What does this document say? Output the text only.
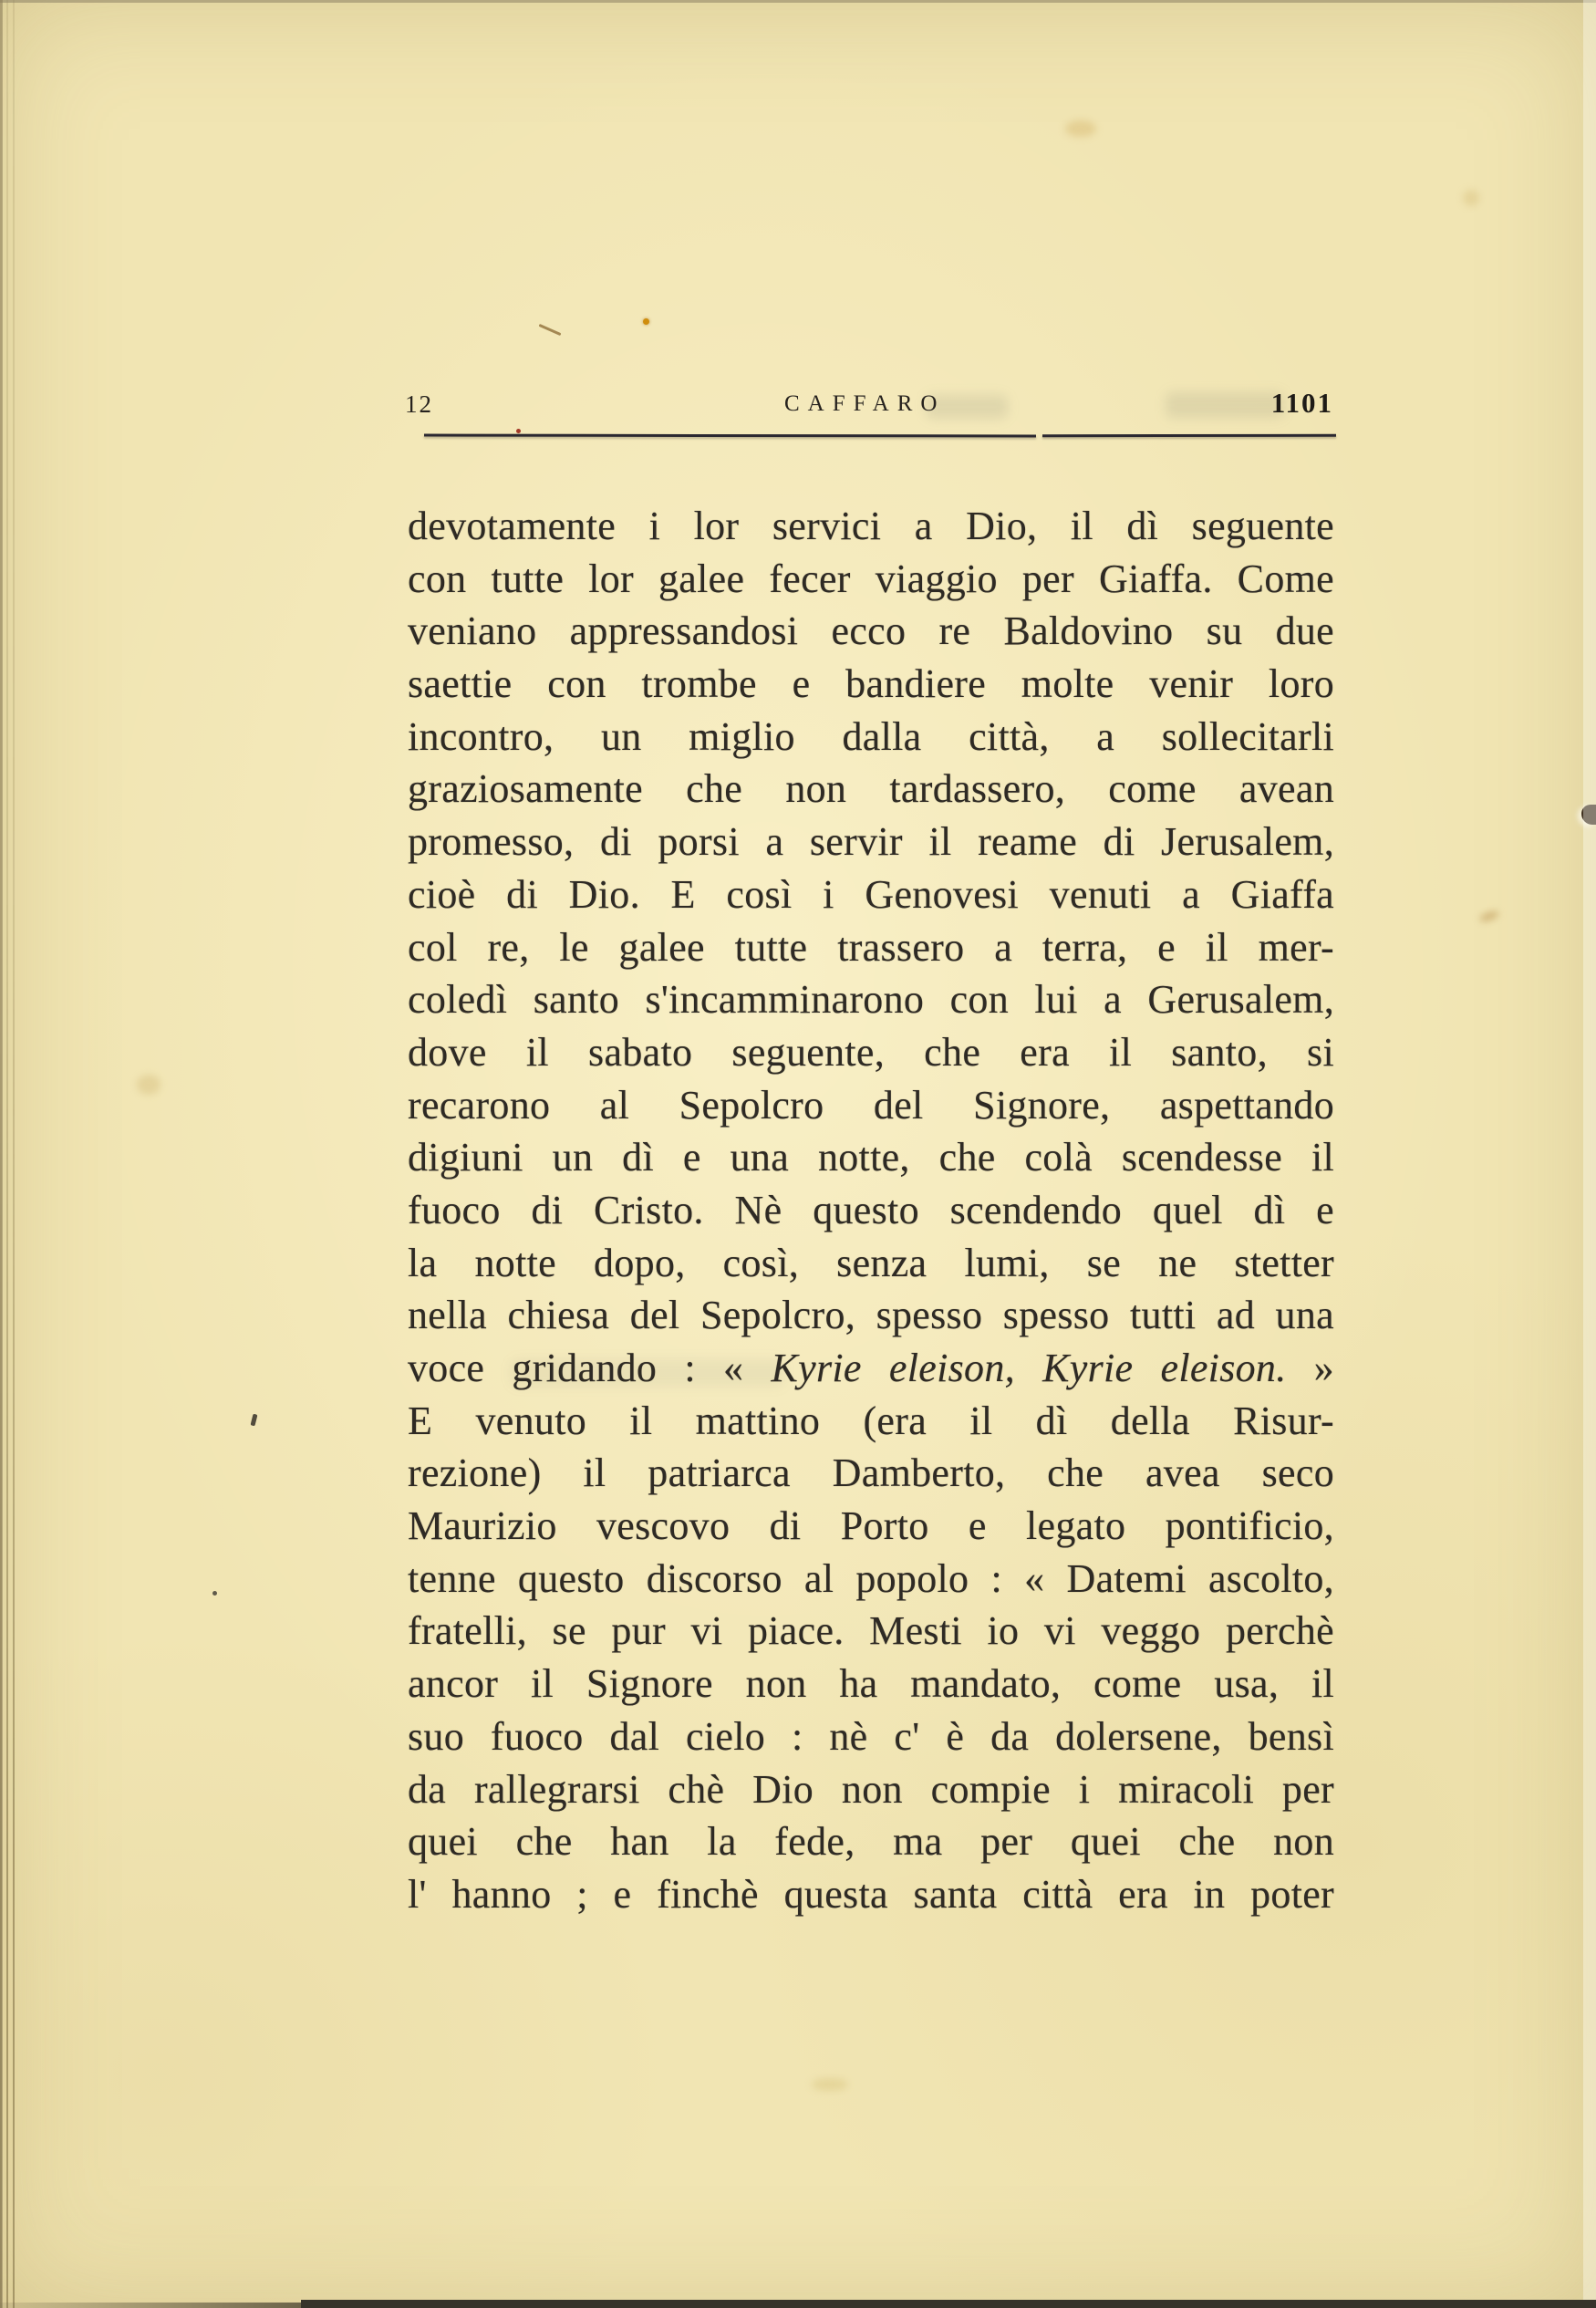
12	CAFFARO	1101
devotamente i lor servici a Dio, il dì seguente
con tutte lor galee fecer viaggio per Giaffa. Come
veniano appressandosi ecco re Baldovino su due
saettie con trombe e bandiere molte venir loro
incontro, un miglio dalla città, a sollecitarli
graziosamente che non tardassero, come avean
promesso, di porsi a servir il reame di Jerusalem,
cioè di Dio. E così i Genovesi venuti a Giaffa
col re, le galee tutte trassero a terra, e il mer-
coledì santo s'incamminarono con lui a Gerusalem,
dove il sabato seguente, che era il santo, si
recarono al Sepolcro del Signore, aspettando
digiuni un dì e una notte, che colà scendesse il
fuoco di Cristo. Nè questo scendendo quel dì e
la notte dopo, così, senza lumi, se ne stetter
nella chiesa del Sepolcro, spesso spesso tutti ad una
voce gridando : « Kyrie eleison, Kyrie eleison. »
E venuto il mattino (era il dì della Risur-
rezione) il patriarca Damberto, che avea seco
Maurizio vescovo di Porto e legato pontificio,
tenne questo discorso al popolo : « Datemi ascolto,
fratelli, se pur vi piace. Mesti io vi veggo perchè
ancor il Signore non ha mandato, come usa, il
suo fuoco dal cielo : nè c' è da dolersene, bensì
da rallegrarsi chè Dio non compie i miracoli per
quei che han la fede, ma per quei che non
l' hanno ; e finchè questa santa città era in poter
